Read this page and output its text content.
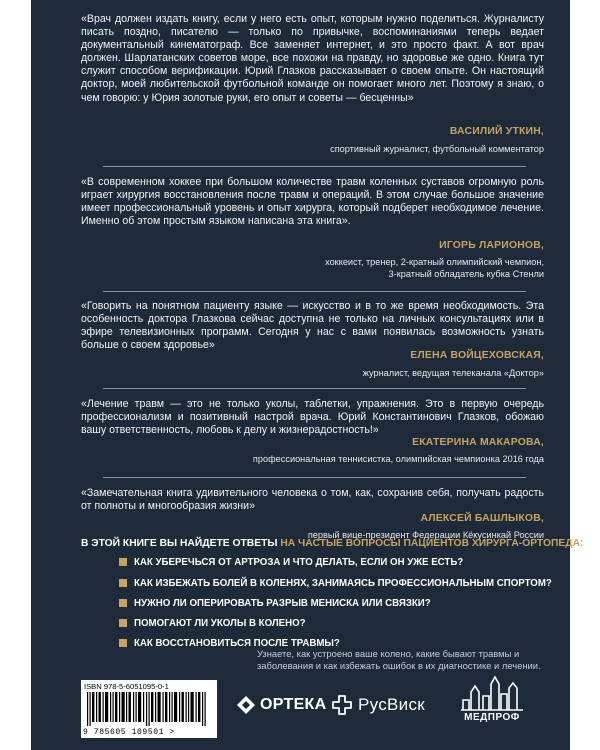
«Врач должен издать книгу, если у него есть опыт, которым нужно поделиться. Журналисту писать поздно, писателю — только по привычке, воспоминаниями теперь ведает документальный кинематограф. Все заменяет интернет, и это просто факт. А вот врач должен. Шарлатанских советов море, все похожи на правду, но здоровье же одно. Книга тут служит способом верификации. Юрий Глазков рассказывает о своем опыте. Он настоящий доктор, моей любительской футбольной команде он помогает много лет. Поэтому я знаю, о чем говорю: у Юрия золотые руки, его опыт и советы — бесценны»
ВАСИЛИЙ УТКИН,
спортивный журналист, футбольный комментатор
«В современном хоккее при большом количестве травм коленных суставов огромную роль играет хирургия восстановления после травм и операций. В этом случае большое значение имеет профессиональный уровень и опыт хирурга, который подберет необходимое лечение. Именно об этом простым языком написана эта книга».
ИГОРЬ ЛАРИОНОВ,
хоккеист, тренер, 2-кратный олимпийский чемпион,
3-кратный обладатель кубка Стенли
«Говорить на понятном пациенту языке — искусство и в то же время необходимость. Эта особенность доктора Глазкова сейчас доступна не только на личных консультациях или в эфире телевизионных программ. Сегодня у нас с вами появилась возможность узнать больше о своем здоровье»
ЕЛЕНА ВОЙЦЕХОВСКАЯ,
журналист, ведущая телеканала «Доктор»
«Лечение травм — это не только уколы, таблетки, упражнения. Это в первую очередь профессионализм и позитивный настрой врача. Юрий Константинович Глазков, обожаю вашу ответственность, любовь к делу и жизнерадостность!»
ЕКАТЕРИНА МАКАРОВА,
профессиональная теннисистка, олимпийская чемпионка 2016 года
«Замечательная книга удивительного человека о том, как, сохранив себя, получать радость от полноты и многообразия жизни»
АЛЕКСЕЙ БАШЛЫКОВ,
первый вице-президент Федерации Кёкусинкай России
В ЭТОЙ КНИГЕ ВЫ НАЙДЕТЕ ОТВЕТЫ НА ЧАСТЫЕ ВОПРОСЫ ПАЦИЕНТОВ ХИРУРГА-ОРТОПЕДА:
КАК УБЕРЕЧЬСЯ ОТ АРТРОЗА И ЧТО ДЕЛАТЬ, ЕСЛИ ОН УЖЕ ЕСТЬ?
КАК ИЗБЕЖАТЬ БОЛЕЙ В КОЛЕНЯХ, ЗАНИМАЯСЬ ПРОФЕССИОНАЛЬНЫМ СПОРТОМ?
НУЖНО ЛИ ОПЕРИРОВАТЬ РАЗРЫВ МЕНИСКА ИЛИ СВЯЗКИ?
ПОМОГАЮТ ЛИ УКОЛЫ В КОЛЕНО?
КАК ВОССТАНОВИТЬСЯ ПОСЛЕ ТРАВМЫ?
Узнаете, как устроено ваше колено, какие бывают травмы и заболевания и как избежать ошибок в их диагностике и лечении.
ISBN 978-5-6051095-0-1
9 785605 109501 >
ОРТЕКА РусВиск
МЕДПРОФ
